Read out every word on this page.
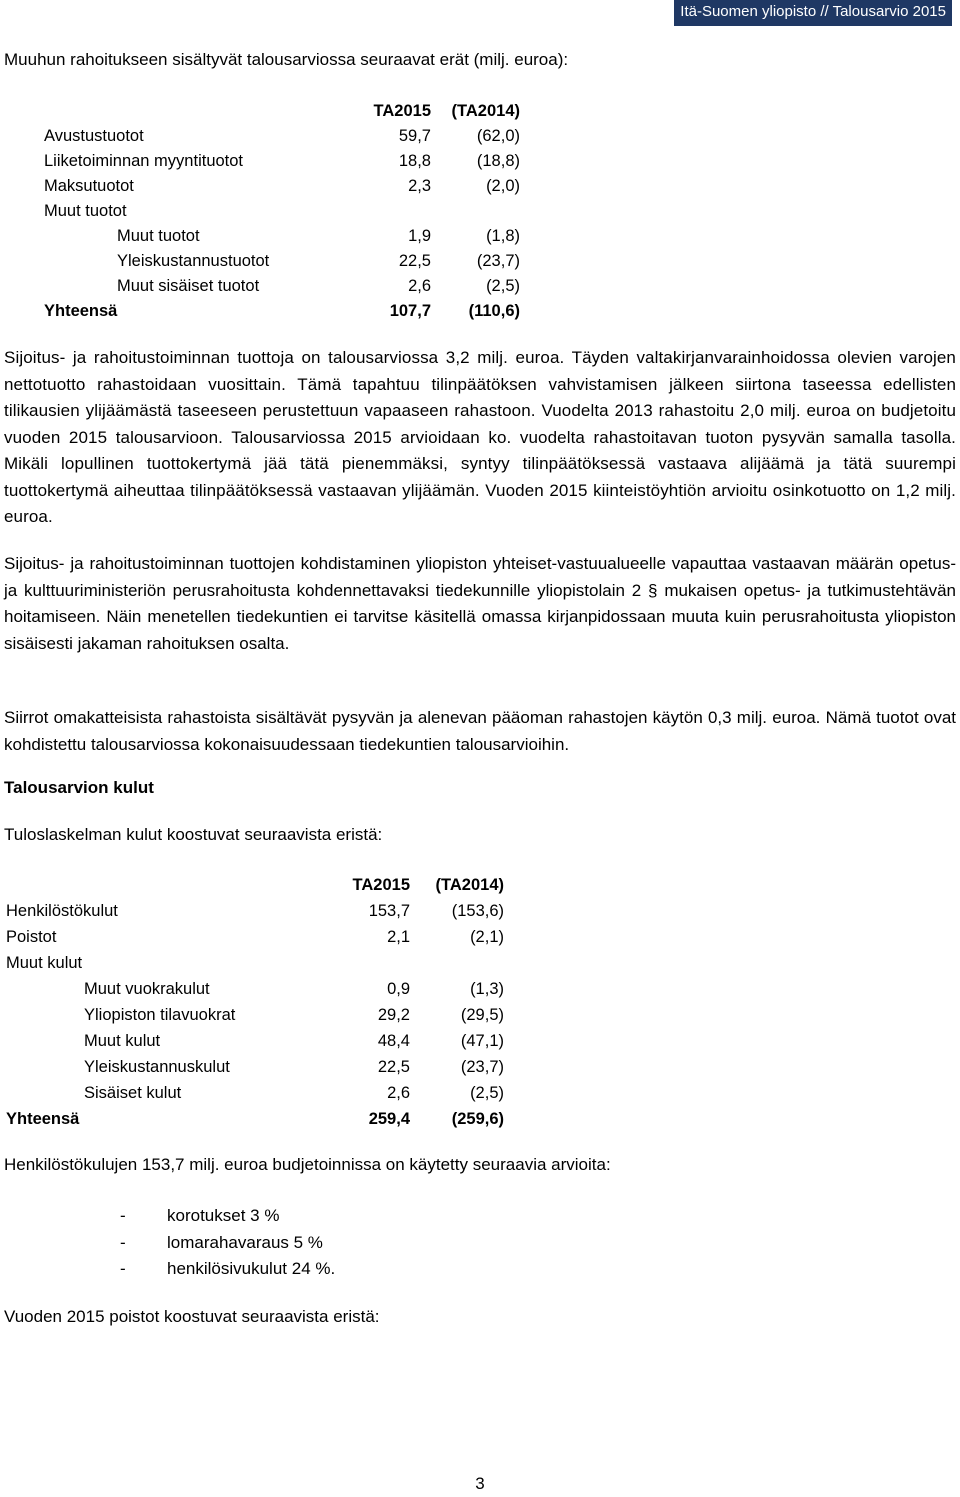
Itä-Suomen yliopisto // Talousarvio 2015
Muuhun rahoitukseen sisältyvät talousarviossa seuraavat erät (milj. euroa):
TA2015 (TA2014)
Avustustuotot	59,7	(62,0)
Liiketoiminnan myyntituotot	18,8	(18,8)
Maksutuotot	2,3	(2,0)
Muut tuotot
Muut tuotot	1,9	(1,8)
Yleiskustannustuotot	22,5	(23,7)
Muut sisäiset tuotot	2,6	(2,5)
Yhteensä	107,7 (110,6)
Sijoitus- ja rahoitustoiminnan tuottoja on talousarviossa 3,2 milj. euroa. Täyden valtakirjanvarainhoidossa olevien varojen nettotuotto rahastoidaan vuosittain. Tämä tapahtuu tilinpäätöksen vahvistamisen jälkeen siirtona taseessa edellisten tilikausien ylijäämästä taseeseen perustettuun vapaaseen rahastoon. Vuodelta 2013 rahastoitu 2,0 milj. euroa on budjetoitu vuoden 2015 talousarvioon. Talousarviossa 2015 arvioidaan ko. vuodelta rahastoitavan tuoton pysyvän samalla tasolla. Mikäli lopullinen tuottokertymä jää tätä pienemmäksi, syntyy tilinpäätöksessä vastaava alijäämä ja tätä suurempi tuottokertymä aiheuttaa tilinpäätöksessä vastaavan ylijäämän. Vuoden 2015 kiinteistöyhtiön arvioitu osinkotuotto on 1,2 milj. euroa.
Sijoitus- ja rahoitustoiminnan tuottojen kohdistaminen yliopiston yhteiset-vastuualueelle vapauttaa vastaavan määrän opetus- ja kulttuuriministeriön perusrahoitusta kohdennettavaksi tiedekunnille yliopistolain 2 § mukaisen opetus- ja tutkimustehtävän hoitamiseen. Näin menetellen tiedekuntien ei tarvitse käsitellä omassa kirjanpidossaan muuta kuin perusrahoitusta yliopiston sisäisesti jakaman rahoituksen osalta.
Siirrot omakatteisista rahastoista sisältävät pysyvän ja alenevan pääoman rahastojen käytön 0,3 milj. euroa. Nämä tuotot ovat kohdistettu talousarviossa kokonaisuudessaan tiedekuntien talousarvioihin.
Talousarvion kulut
Tuloslaskelman kulut koostuvat seuraavista eristä:
TA2015 (TA2014)
Henkilöstökulut	153,7	(153,6)
Poistot	2,1	(2,1)
Muut kulut
Muut vuokrakulut	0,9	(1,3)
Yliopiston tilavuokrat	29,2	(29,5)
Muut kulut	48,4	(47,1)
Yleiskustannuskulut	22,5	(23,7)
Sisäiset kulut	2,6	(2,5)
Yhteensä	259,4	(259,6)
Henkilöstökulujen 153,7 milj. euroa budjetoinnissa on käytetty seuraavia arvioita:
- korotukset 3 %
- lomarahavaraus 5 %
- henkilösivukulut 24 %.
Vuoden 2015 poistot koostuvat seuraavista eristä:
3
